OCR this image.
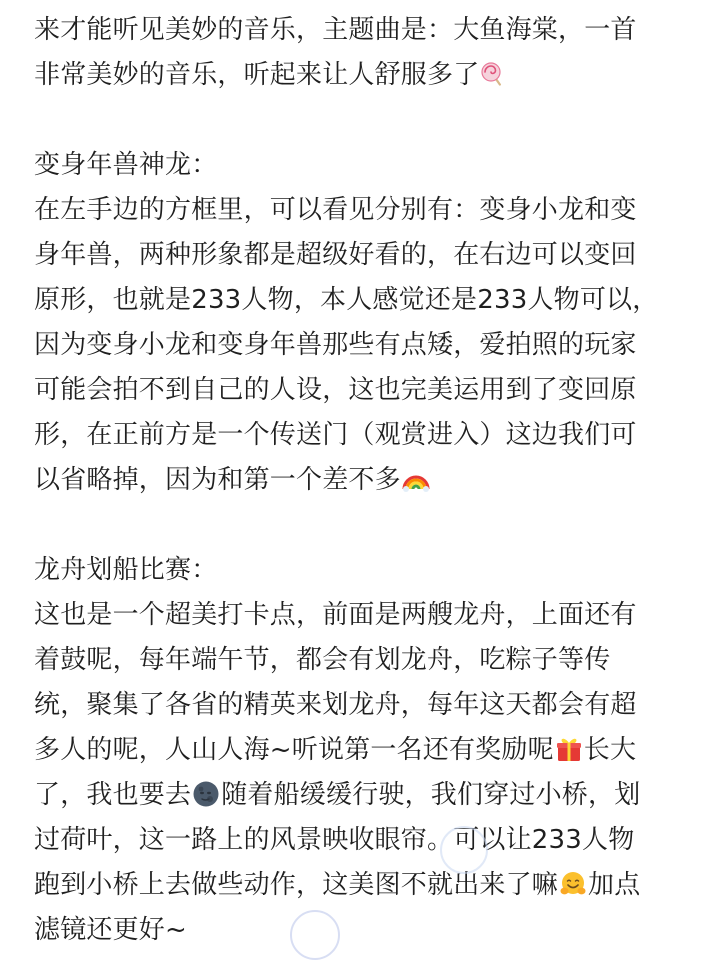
来才能听见美妙的音乐，主题曲是：大鱼海棠，一首
非常美妙的音乐，听起来让人舒服多了
变身年兽神龙：
在左手边的方框里，可以看见分别有：变身小龙和变
身年兽，两种形象都是超级好看的，在右边可以变回
原形，也就是233人物，本人感觉还是233人物可以，
因为变身小龙和变身年兽那些有点矮，爱拍照的玩家
可能会拍不到自己的人设，这也完美运用到了变回原
形，在正前方是一个传送门（观赏进入）这边我们可
以省略掉，因为和第一个差不多
龙舟划船比赛：
这也是一个超美打卡点，前面是两艘龙舟，上面还有
着鼓呢，每年端午节，都会有划龙舟，吃粽子等传
统，聚集了各省的精英来划龙舟，每年这天都会有超
多人的呢，人山人海~听说第一名还有奖励呢 长大
了，我也要去 随着船缓缓行驶，我们穿过小桥，划
过荷叶，这一路上的风景映收眼帘。可以让233人物
跑到小桥上去做些动作，这美图不就出来了嘛 加点
滤镜还更好~
